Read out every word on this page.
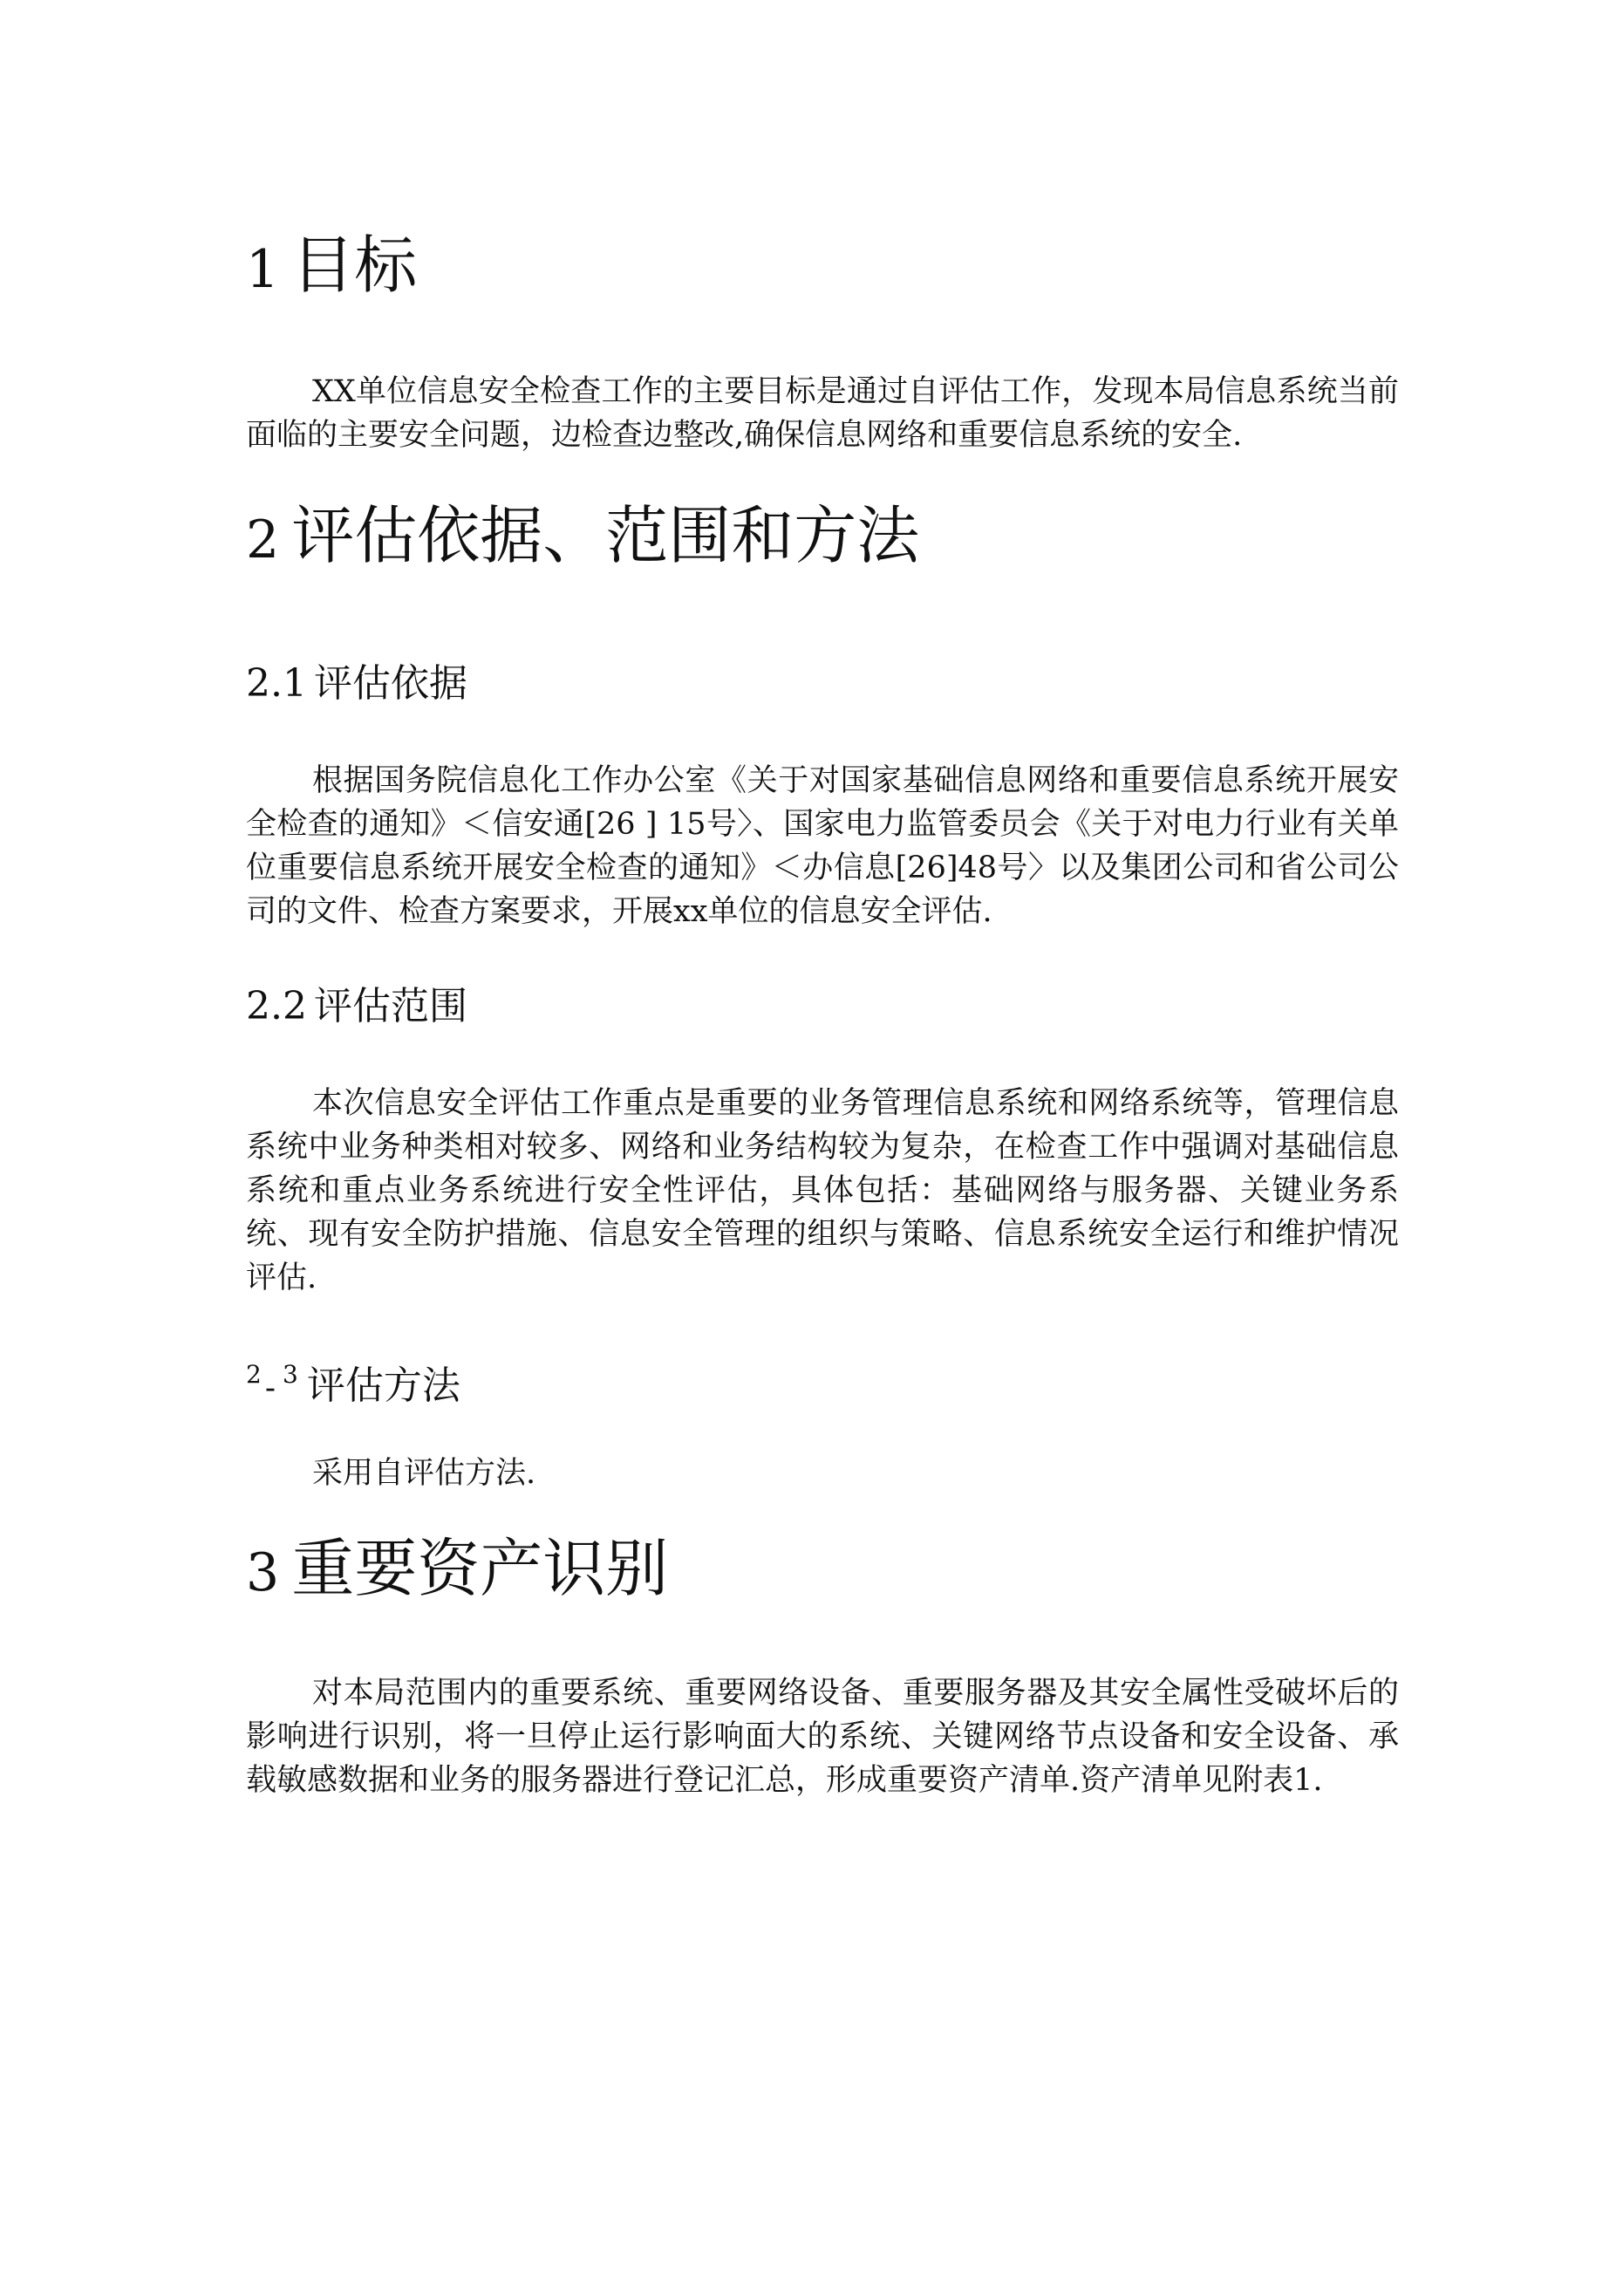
1 目标

XX单位信息安全检查工作的主要目标是通过自评估工作，发现本局信息系统当前面临的主要安全问题，边检查边整改,确保信息网络和重要信息系统的安全.

2 评估依据、范围和方法
2.1 评估依据

根据国务院信息化工作办公室《关于对国家基础信息网络和重要信息系统开展安全检查的通知》＜信安通[26 ] 15号〉、国家电力监管委员会《关于对电力行业有关单位重要信息系统开展安全检查的通知》＜办信息[26]48号〉以及集团公司和省公司公司的文件、检查方案要求，开展xx单位的信息安全评估.

2.2 评估范围

本次信息安全评估工作重点是重要的业务管理信息系统和网络系统等，管理信息系统中业务种类相对较多、网络和业务结构较为复杂，在检查工作中强调对基础信息系统和重点业务系统进行安全性评估，具体包括：基础网络与服务器、关键业务系统、现有安全防护措施、信息安全管理的组织与策略、信息系统安全运行和维护情况评估.

$^2$ - $^3$ 评估方法

采用自评估方法.

3 重要资产识别

对本局范围内的重要系统、重要网络设备、重要服务器及其安全属性受破坏后的影响进行识别，将一旦停止运行影响面大的系统、关键网络节点设备和安全设备、承载敏感数据和业务的服务器进行登记汇总，形成重要资产清单.资产清单见附表1.
